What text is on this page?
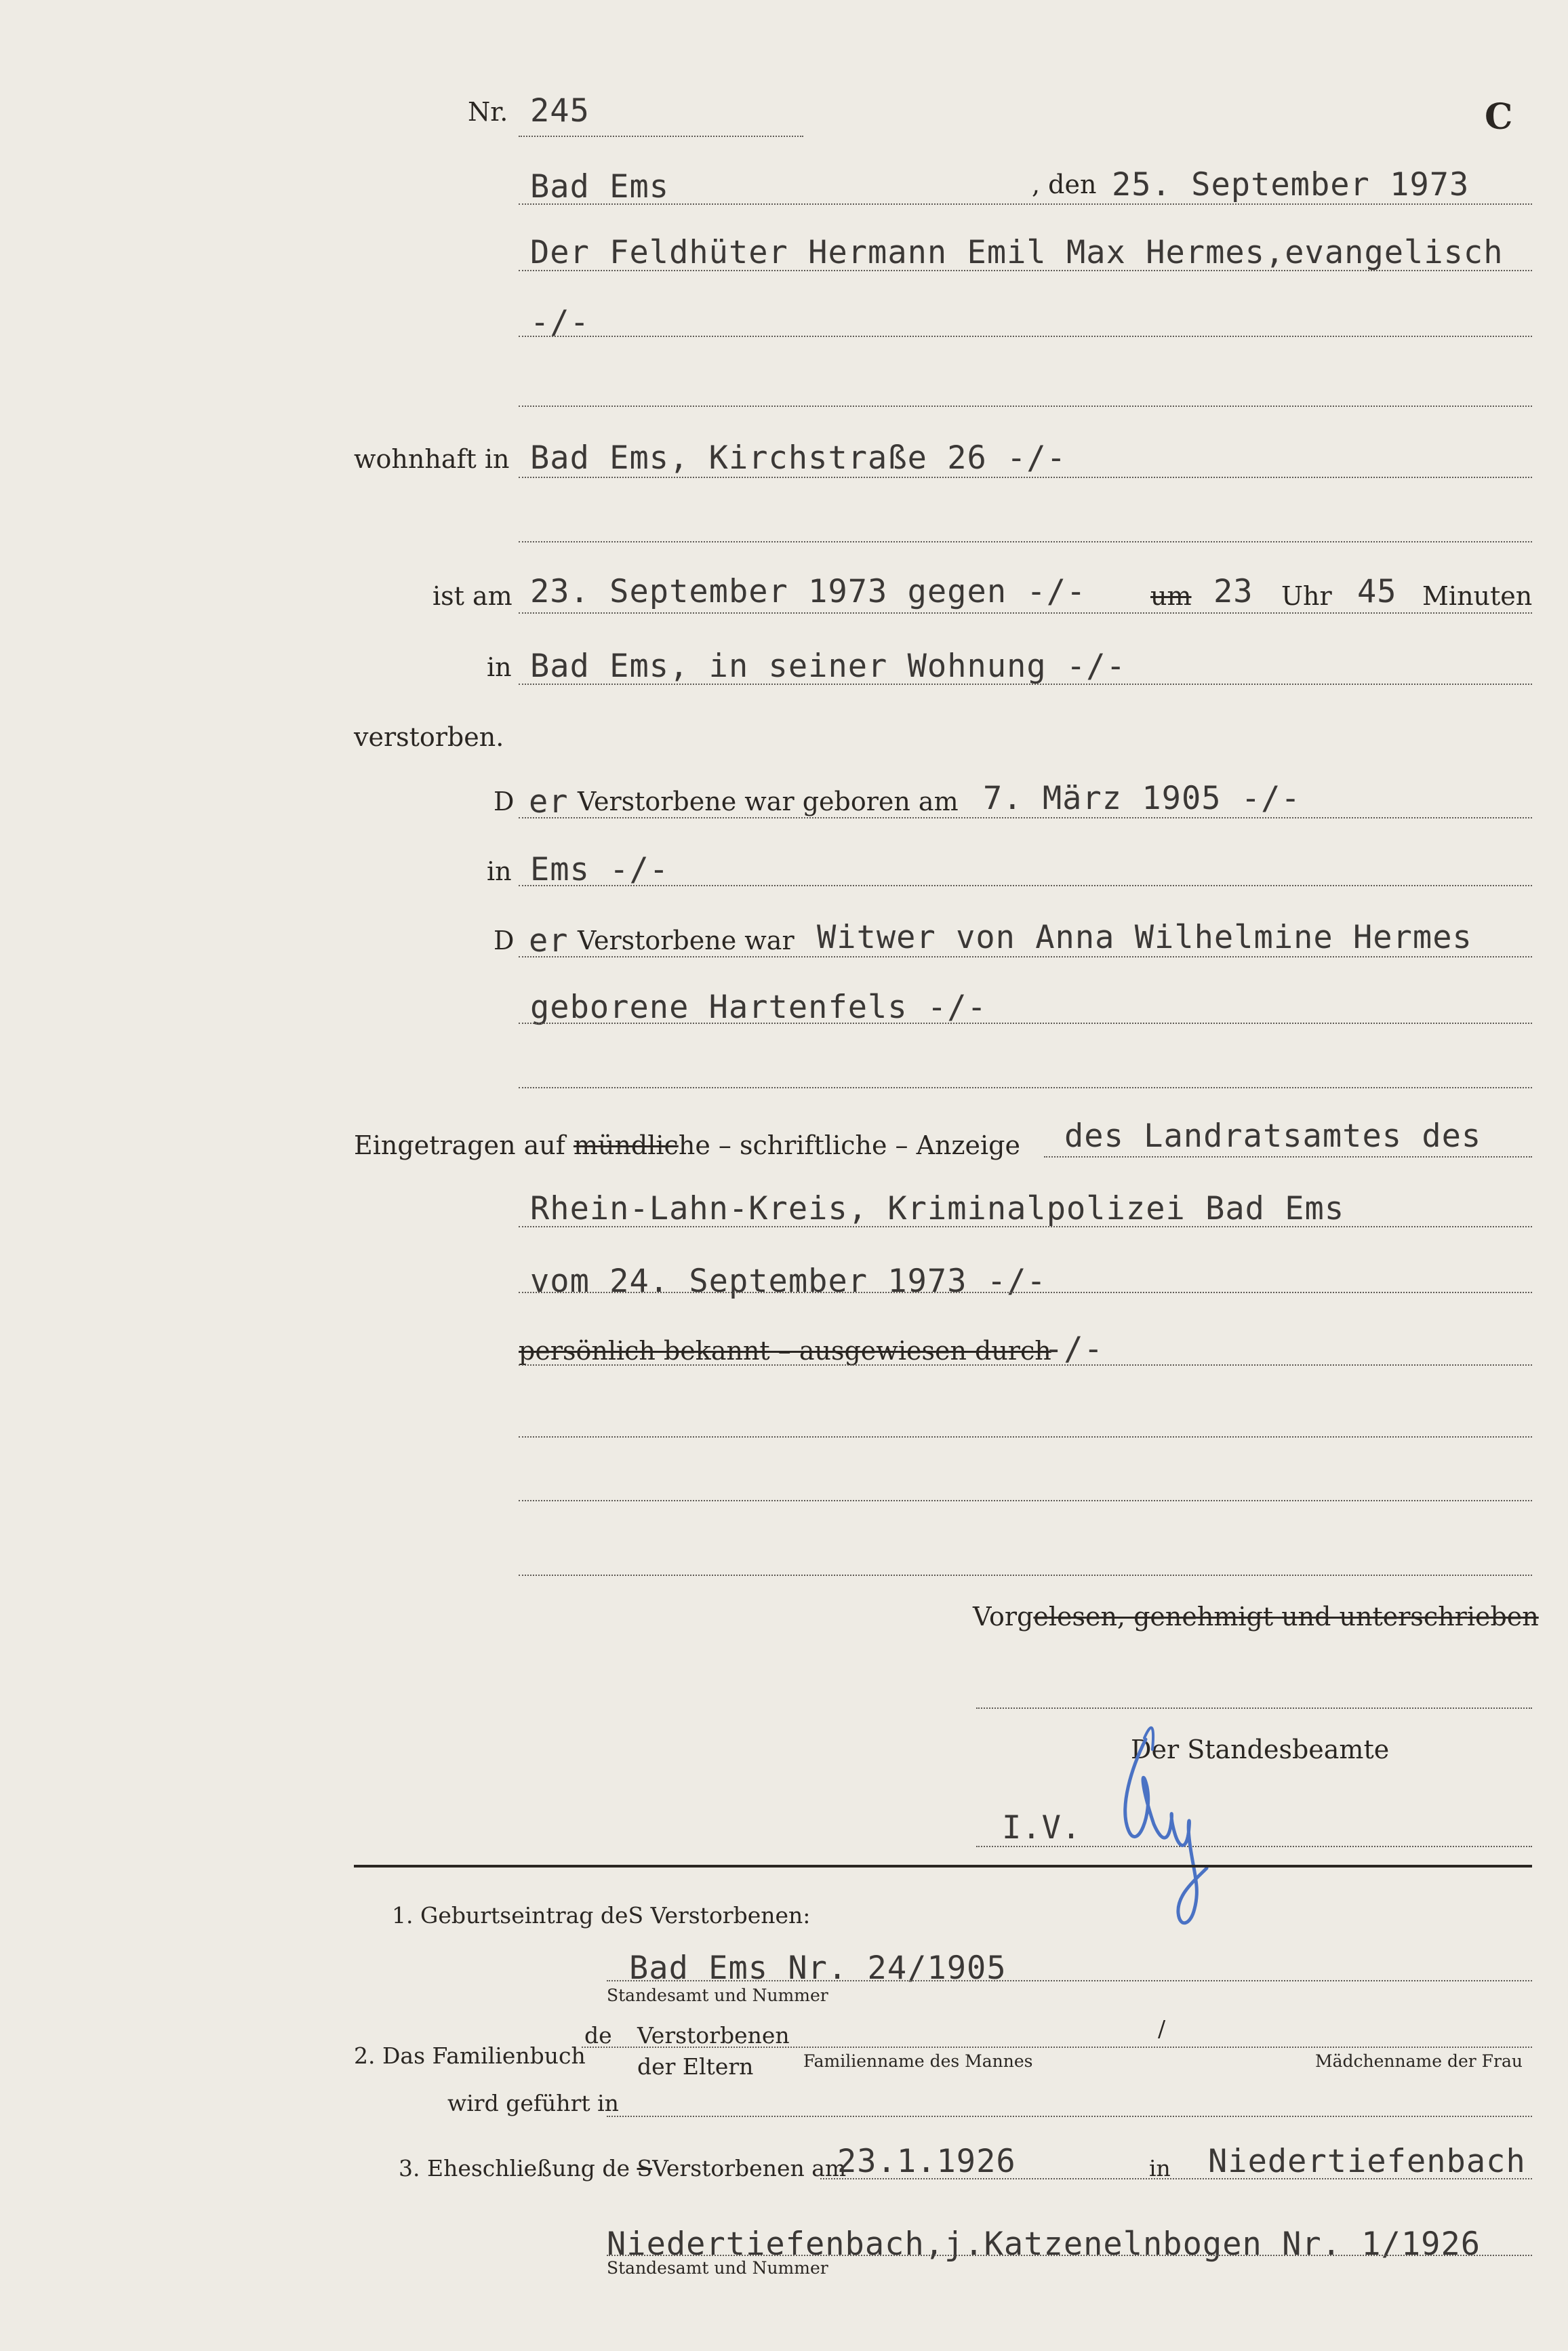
Nr. 245	C
Bad Ems	, den 25. September 1973
Der Feldhüter Hermann Emil Max Hermes,evangelisch
-/-
wohnhaft in Bad Ems, Kirchstraße 26 -/-
ist am 23. September 1973 gegen -/- um 23 Uhr 45 Minuten
in Bad Ems, in seiner Wohnung -/-
verstorben.
D er Verstorbene war geboren am 7. März 1905 -/-
in Ems -/-
D er Verstorbene war Witwer von Anna Wilhelmine Hermes
geborene Hartenfels -/-
Eingetragen auf mündliche – schriftliche – Anzeige des Landratsamtes des
Rhein-Lahn-Kreis, Kriminalpolizei Bad Ems
vom 24. September 1973 -/-
persönlich bekannt – ausgewiesen durch
-/-
Vorgelesen, genehmigt und unterschrieben
Der Standesbeamte
I.V.
1. Geburtseintrag deS Verstorbenen:
Bad Ems Nr. 24/1905
Standesamt und Nummer
2. Das Familienbuch
de Verstorbenen	/
der Eltern	Familienname des Mannes	Mädchenname der Frau
wird geführt in
3. Eheschließung de SVerstorbenen am
23.1.1926	in Niedertiefenbach
Niedertiefenbach,j.Katzenelnbogen Nr. 1/1926
Standesamt und Nummer
